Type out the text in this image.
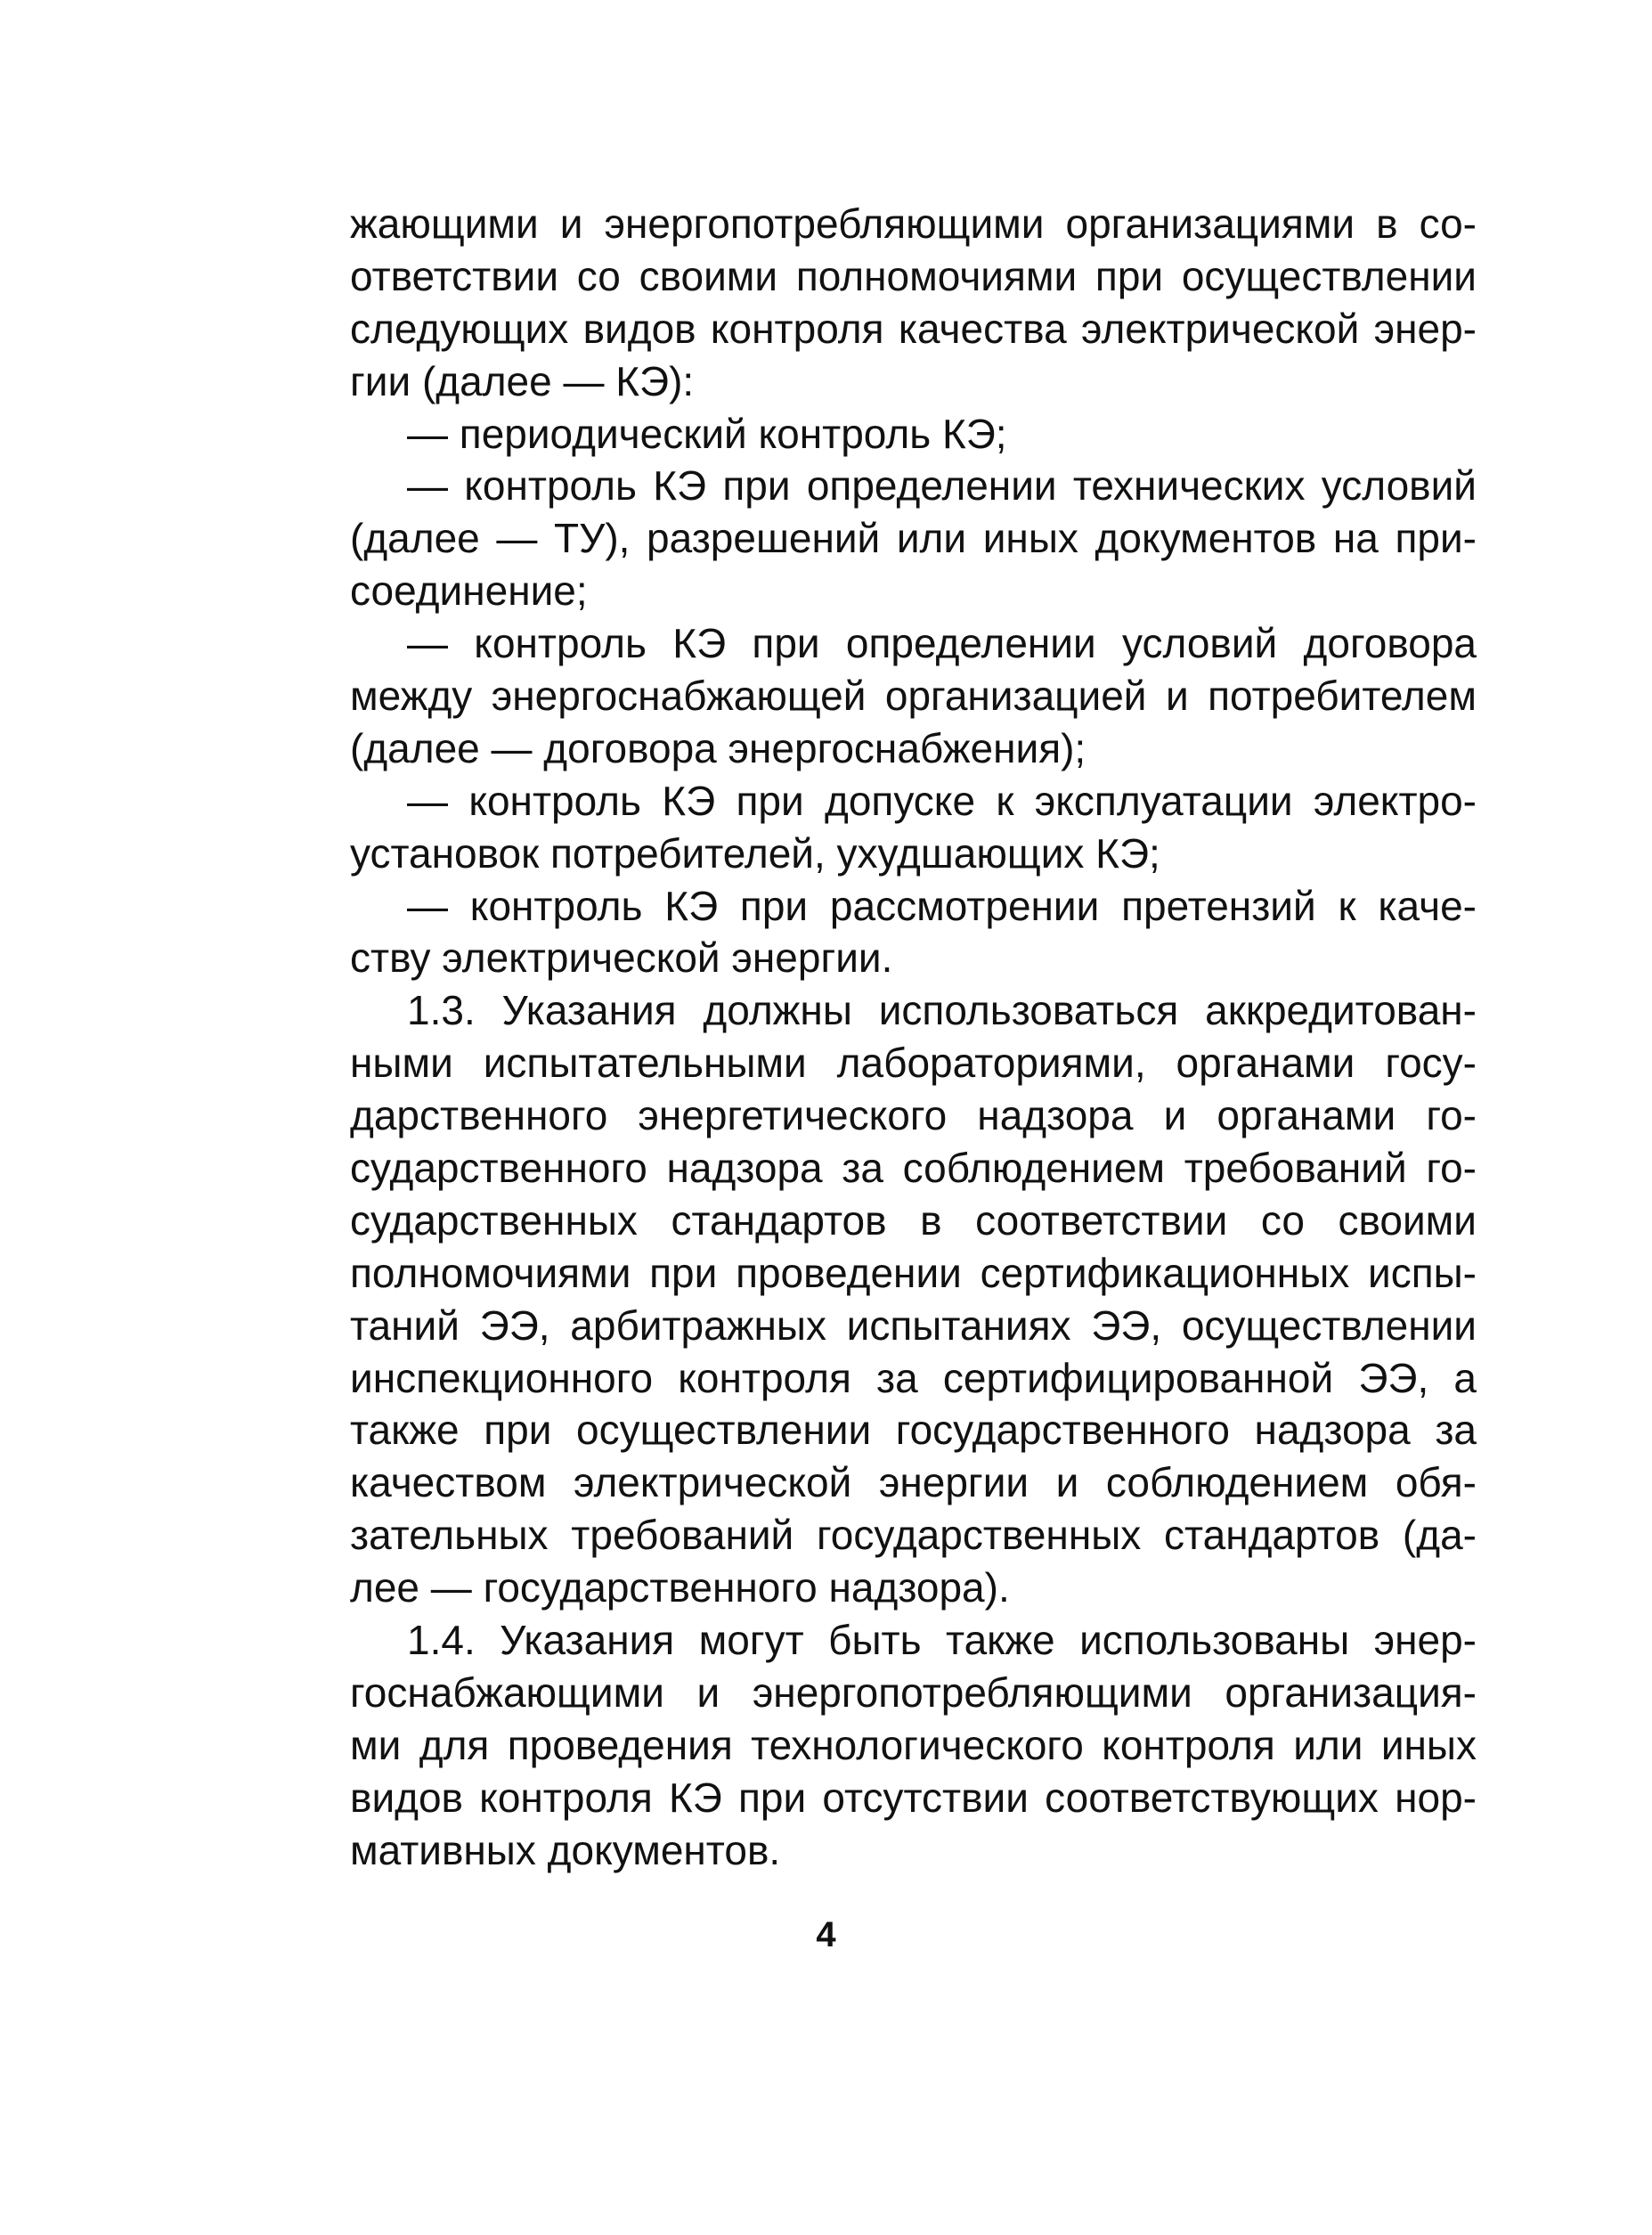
жающими и энергопотребляющими организациями в со-
ответствии со своими полномочиями при осуществлении
следующих видов контроля качества электрической энер-
гии (далее — КЭ):
— периодический контроль КЭ;
— контроль КЭ при определении технических условий
(далее — ТУ), разрешений или иных документов на при-
соединение;
— контроль КЭ при определении условий договора
между энергоснабжающей организацией и потребителем
(далее — договора энергоснабжения);
— контроль КЭ при допуске к эксплуатации электро-
установок потребителей, ухудшающих КЭ;
— контроль КЭ при рассмотрении претензий к каче-
ству электрической энергии.
1.3. Указания должны использоваться аккредитован-
ными испытательными лабораториями, органами госу-
дарственного энергетического надзора и органами го-
сударственного надзора за соблюдением требований го-
сударственных стандартов в соответствии со своими
полномочиями при проведении сертификационных испы-
таний ЭЭ, арбитражных испытаниях ЭЭ, осуществлении
инспекционного контроля за сертифицированной ЭЭ, а
также при осуществлении государственного надзора за
качеством электрической энергии и соблюдением обя-
зательных требований государственных стандартов (да-
лее — государственного надзора).
1.4. Указания могут быть также использованы энер-
госнабжающими и энергопотребляющими организация-
ми для проведения технологического контроля или иных
видов контроля КЭ при отсутствии соответствующих нор-
мативных документов.
4
